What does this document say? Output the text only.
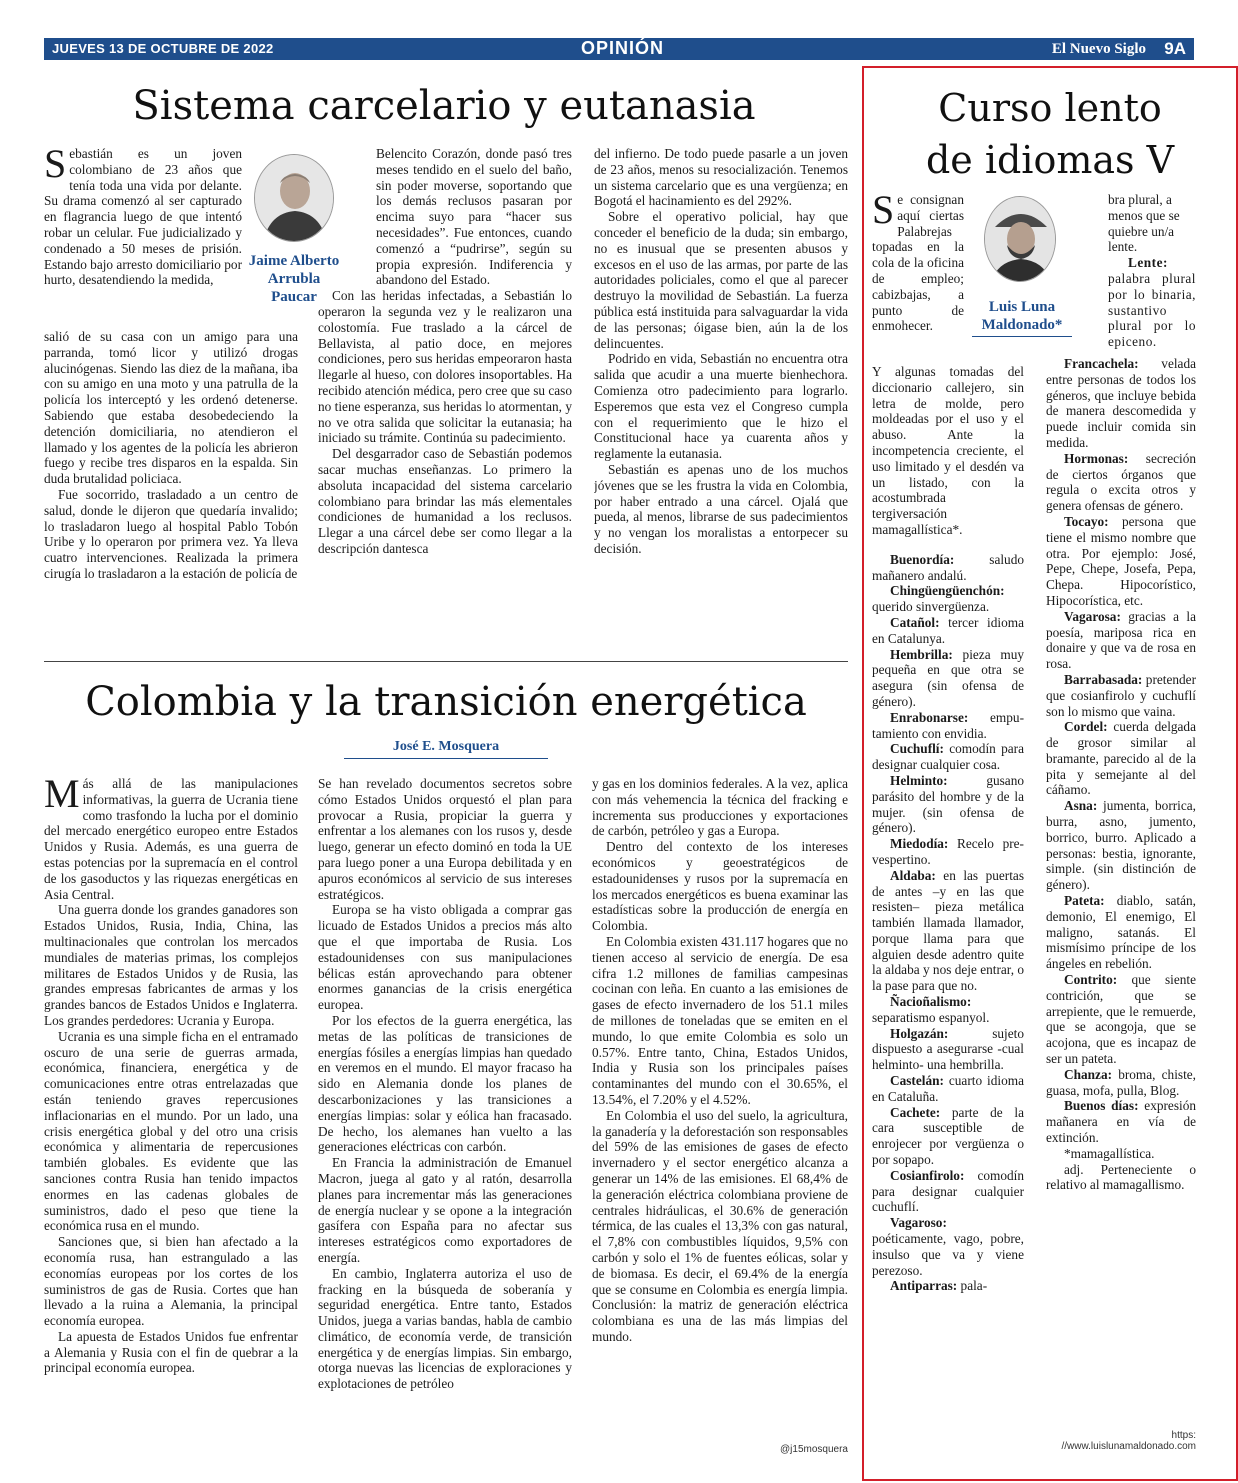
JUEVES 13 DE OCTUBRE DE 2022	OPINIÓN	El Nuevo Siglo 9A
Sistema carcelario y eutanasia

Sebastián es un joven colombiano de 23 años que tenía toda una vida por delante. Su drama comenzó al ser capturado en flagrancia luego de que intentó robar un celular. Fue judicializado y condenado a 50 meses de prisión. Estando bajo arresto domiciliario por hurto, desatendiendo la medida,

Jaime Alberto Arrubla Paucar

salió de su casa con un amigo para una parranda, tomó licor y utilizó drogas alucinógenas. Siendo las diez de la mañana, iba con su amigo en una moto y una patrulla de la policía los interceptó y les ordenó detenerse. Sabiendo que estaba desobedeciendo la detención domiciliaria, no atendieron el llamado y los agentes de la policía les abrieron fuego y recibe tres disparos en la espalda. Sin duda brutalidad policiaca.

Fue socorrido, trasladado a un centro de salud, donde le dijeron que quedaría invalido; lo trasladaron luego al hospital Pablo Tobón Uribe y lo operaron por primera vez. Ya lleva cuatro intervenciones. Realizada la primera cirugía lo trasladaron a la estación de policía de

Belencito Corazón, donde pasó tres meses tendido en el suelo del baño, sin poder moverse, soportando que los demás reclusos pasaran por encima suyo para “hacer sus necesidades”. Fue entonces, cuando comenzó a “pudrirse”, según su propia expresión. Indiferencia y abandono del Estado.

Con las heridas infectadas, a Sebastián lo operaron la segunda vez y le realizaron una colostomía. Fue traslado a la cárcel de Bellavista, al patio doce, en mejores condiciones, pero sus heridas empeoraron hasta llegarle al hueso, con dolores insoportables. Ha recibido atención médica, pero cree que su caso no tiene esperanza, sus heridas lo atormentan, y no ve otra salida que solicitar la eutanasia; ha iniciado su trámite. Continúa su padecimiento.

Del desgarrador caso de Sebastián podemos sacar muchas enseñanzas. Lo primero la absoluta incapacidad del sistema carcelario colombiano para brindar las más elementales condiciones de humanidad a los reclusos. Llegar a una cárcel debe ser como llegar a la descripción dantesca

del infierno. De todo puede pasarle a un joven de 23 años, menos su resocialización. Tenemos un sistema carcelario que es una vergüenza; en Bogotá el hacinamiento es del 292%.

Sobre el operativo policial, hay que conceder el beneficio de la duda; sin embargo, no es inusual que se presenten abusos y excesos en el uso de las armas, por parte de las autoridades policiales, como el que al parecer destruyo la movilidad de Sebastián. La fuerza pública está instituida para salvaguardar la vida de las personas; óigase bien, aún la de los delincuentes.

Podrido en vida, Sebastián no encuentra otra salida que acudir a una muerte bienhechora. Comienza otro padecimiento para lograrlo. Esperemos que esta vez el Congreso cumpla con el requerimiento que le hizo el Constitucional hace ya cuarenta años y reglamente la eutanasia.

Sebastián es apenas uno de los muchos jóvenes que se les frustra la vida en Colombia, por haber entrado a una cárcel. Ojalá que pueda, al menos, librarse de sus padecimientos y no vengan los moralistas a entorpecer su decisión.

Colombia y la transición energética
José E. Mosquera

Más allá de las manipulaciones informativas, la guerra de Ucrania tiene como trasfondo la lucha por el dominio del mercado energético europeo entre Estados Unidos y Rusia. Además, es una guerra de estas potencias por la supremacía en el control de los gasoductos y las riquezas energéticas en Asia Central.

Una guerra donde los grandes ganadores son Estados Unidos, Rusia, India, China, las multinacionales que controlan los mercados mundiales de materias primas, los complejos militares de Estados Unidos y de Rusia, las grandes empresas fabricantes de armas y los grandes bancos de Estados Unidos e Inglaterra. Los grandes perdedores: Ucrania y Europa.

Ucrania es una simple ficha en el entramado oscuro de una serie de guerras armada, económica, financiera, energética y de comunicaciones entre otras entrelazadas que están teniendo graves repercusiones inflacionarias en el mundo. Por un lado, una crisis energética global y del otro una crisis económica y alimentaria de repercusiones también globales. Es evidente que las sanciones contra Rusia han tenido impactos enormes en las cadenas globales de suministros, dado el peso que tiene la económica rusa en el mundo.

Sanciones que, si bien han afectado a la economía rusa, han estrangulado a las economías europeas por los cortes de los suministros de gas de Rusia. Cortes que han llevado a la ruina a Alemania, la principal economía europea.

La apuesta de Estados Unidos fue enfrentar a Alemania y Rusia con el fin de quebrar a la principal economía europea.

Se han revelado documentos secretos sobre cómo Estados Unidos orquestó el plan para provocar a Rusia, propiciar la guerra y enfrentar a los alemanes con los rusos y, desde luego, generar un efecto dominó en toda la UE para luego poner a una Europa debilitada y en apuros económicos al servicio de sus intereses estratégicos.

Europa se ha visto obligada a comprar gas licuado de Estados Unidos a precios más alto que el que importaba de Rusia. Los estadounidenses con sus manipulaciones bélicas están aprovechando para obtener enormes ganancias de la crisis energética europea.

Por los efectos de la guerra energética, las metas de las políticas de transiciones de energías fósiles a energías limpias han quedado en veremos en el mundo. El mayor fracaso ha sido en Alemania donde los planes de descarbonizaciones y las transiciones a energías limpias: solar y eólica han fracasado. De hecho, los alemanes han vuelto a las generaciones eléctricas con carbón.

En Francia la administración de Emanuel Macron, juega al gato y al ratón, desarrolla planes para incrementar más las generaciones de energía nuclear y se opone a la integración gasífera con España para no afectar sus intereses estratégicos como exportadores de energía.

En cambio, Inglaterra autoriza el uso de fracking en la búsqueda de soberanía y seguridad energética. Entre tanto, Estados Unidos, juega a varias bandas, habla de cambio climático, de economía verde, de transición energética y de energías limpias. Sin embargo, otorga nuevas las licencias de exploraciones y explotaciones de petróleo

y gas en los dominios federales. A la vez, aplica con más vehemencia la técnica del fracking e incrementa sus producciones y exportaciones de carbón, petróleo y gas a Europa.

Dentro del contexto de los intereses económicos y geoestratégicos de estadounidenses y rusos por la supremacía en los mercados energéticos es buena examinar las estadísticas sobre la producción de energía en Colombia.

En Colombia existen 431.117 hogares que no tienen acceso al servicio de energía. De esa cifra 1.2 millones de familias campesinas cocinan con leña. En cuanto a las emisiones de gases de efecto invernadero de los 51.1 miles de millones de toneladas que se emiten en el mundo, lo que emite Colombia es solo un 0.57%. Entre tanto, China, Estados Unidos, India y Rusia son los principales países contaminantes del mundo con el 30.65%, el 13.54%, el 7.20% y el 4.52%.

En Colombia el uso del suelo, la agricultura, la ganadería y la deforestación son responsables del 59% de las emisiones de gases de efecto invernadero y el sector energético alcanza a generar un 14% de las emisiones. El 68,4% de la generación eléctrica colombiana proviene de centrales hidráulicas, el 30.6% de generación térmica, de las cuales el 13,3% con gas natural, el 7,8% con combustibles líquidos, 9,5% con carbón y solo el 1% de fuentes eólicas, solar y de biomasa. Es decir, el 69.4% de la energía que se consume en Colombia es energía limpia. Conclusión: la matriz de generación eléctrica colombiana es una de las más limpias del mundo.

@j15mosquera
Curso lento
de idiomas V

Se consignan aquí ciertas Palabrejas topadas en la cola de la oficina de empleo; cabizbajas, a punto de enmohecer.

Luis Luna Maldonado*

Y algunas tomadas del diccionario callejero, sin letra de molde, pero moldeadas por el uso y el abuso. Ante la incompetencia creciente, el uso limitado y el desdén va un listado, con la acostumbrada tergiversación mamagallística*.

Buenordía: saludo mañanero andalú.

Chingüengüenchón: querido sinvergüenza.

Catañol: tercer idioma en Catalunya.

Hembrilla: pieza muy pequeña en que otra se asegura (sin ofensa de género).

Enrabonarse: emputamiento con envidia.

Cuchuflí: comodín para designar cualquier cosa.

Helminto: gusano parásito del hombre y de la mujer. (sin ofensa de género).

Miedodía: Recelo pre-vespertino.

Aldaba: en las puertas de antes –y en las que resisten– pieza metálica también llamada llamador, porque llama para que alguien desde adentro quite la aldaba y nos deje entrar, o la pase para que no.

Ñacioñalismo: separatismo espanyol.

Holgazán: sujeto dispuesto a asegurarse -cual helminto- una hembrilla.

Castelán: cuarto idioma en Cataluña.

Cachete: parte de la cara susceptible de enrojecer por vergüenza o por sopapo.

Cosianfirolo: comodín para designar cualquier cuchuflí.

Vagaroso: poéticamente, vago, pobre, insulso que va y viene perezoso.

Antiparras: pala-

bra plural, a menos que se quiebre un/a lente.
Lente: palabra plural por lo binaria, sustantivo plural por lo epiceno.

Francachela: velada entre personas de todos los géneros, que incluye bebida de manera descomedida y puede incluir comida sin medida.

Hormonas: secreción de ciertos órganos que regula o excita otros y genera ofensas de género.

Tocayo: persona que tiene el mismo nombre que otra. Por ejemplo: José, Pepe, Chepe, Josefa, Pepa, Chepa. Hipocorístico, Hipocorística, etc.

Vagarosa: gracias a la poesía, mariposa rica en donaire y que va de rosa en rosa.

Barrabasada: pretender que cosianfirolo y cuchuflí son lo mismo que vaina.

Cordel: cuerda delgada de grosor similar al bramante, parecido al de la pita y semejante al del cáñamo.

Asna: jumenta, borrica, burra, asno, jumento, borrico, burro. Aplicado a personas: bestia, ignorante, simple. (sin distinción de género).

Pateta: diablo, satán, demonio, El enemigo, El maligno, satanás. El mismísimo príncipe de los ángeles en rebelión.

Contrito: que siente contrición, que se arrepiente, que le remuerde, que se acongoja, que se acojona, que es incapaz de ser un pateta.

Chanza: broma, chiste, guasa, mofa, pulla, Blog.

Buenos días: expresión mañanera en vía de extinción.

*mamagallística.

adj. Perteneciente o relativo al mamagallismo.

https:
//www.luislunamaldonado.com
